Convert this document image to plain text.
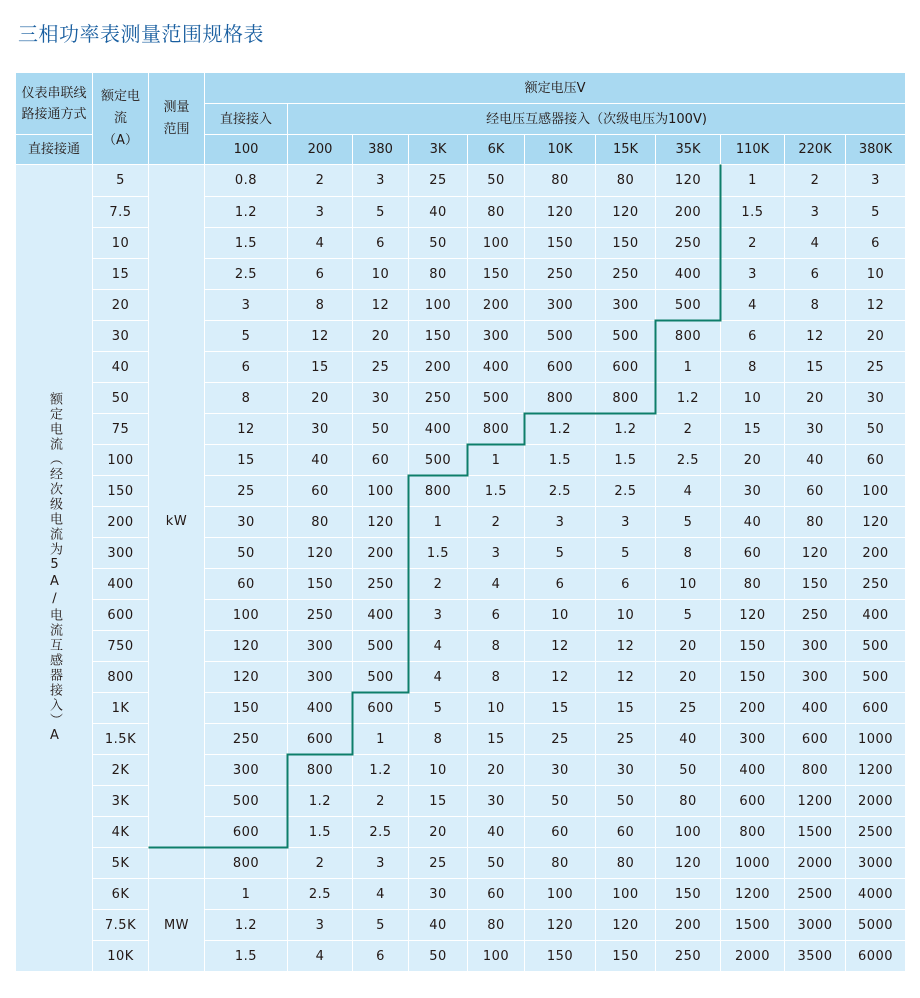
三相功率表测量范围规格表
仪表串联线路接通方式	额定电流（A）	测量范围	额定电压V										
			直接接入	经电压互感器接入（次级电压为100V)									
直接接通			100	200	380	3K	6K	10K	15K	35K	110K	220K	380K

额定电流（经次级电流为5A∕电流互感器接入）A	5	kW	0.8	2	3	25	50	80	80	120	1	2	3
	7.5		1.2	3	5	40	80	120	120	200	1.5	3	5
	10		1.5	4	6	50	100	150	150	250	2	4	6
	15		2.5	6	10	80	150	250	250	400	3	6	10
	20		3	8	12	100	200	300	300	500	4	8	12
	30		5	12	20	150	300	500	500	800	6	12	20
	40		6	15	25	200	400	600	600	1	8	15	25
	50		8	20	30	250	500	800	800	1.2	10	20	30
	75		12	30	50	400	800	1.2	1.2	2	15	30	50
	100		15	40	60	500	1	1.5	1.5	2.5	20	40	60
	150		25	60	100	800	1.5	2.5	2.5	4	30	60	100
	200		30	80	120	1	2	3	3	5	40	80	120
	300		50	120	200	1.5	3	5	5	8	60	120	200
	400		60	150	250	2	4	6	6	10	80	150	250
	600		100	250	400	3	6	10	10	5	120	250	400
	750		120	300	500	4	8	12	12	20	150	300	500
	800		120	300	500	4	8	12	12	20	150	300	500
	1K		150	400	600	5	10	15	15	25	200	400	600
	1.5K		250	600	1	8	15	25	25	40	300	600	1000
	2K		300	800	1.2	10	20	30	30	50	400	800	1200
	3K		500	1.2	2	15	30	50	50	80	600	1200	2000
	4K		600	1.5	2.5	20	40	60	60	100	800	1500	2500
	5K		800	2	3	25	50	80	80	120	1000	2000	3000
	6K	MW	1	2.5	4	30	60	100	100	150	1200	2500	4000
	7.5K		1.2	3	5	40	80	120	120	200	1500	3000	5000
	10K		1.5	4	6	50	100	150	150	250	2000	3500	6000
